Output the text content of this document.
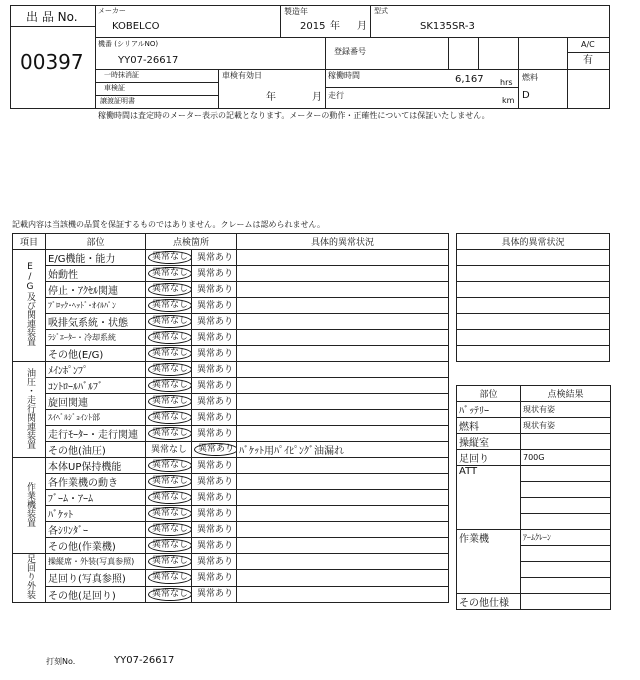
出 品 No.
00397
メーカー
KOBELCO
製造年
2015 年 月
型式
SK135SR-3
機番 (シリアルNO)
YY07-26617
登録番号
A/C
有
一時抹消証
車検証
譲渡証明書
車検有効日
年	月
稼働時間	6,167 hrs
走行
km
燃料
D
稼働時間は査定時のメーター表示の記載となります。メーターの動作・正確性については保証いたしません。
記載内容は当該機の品質を保証するものではありません。クレームは認められません。
項目	部位	点検箇所		具体的異常状況
E/G及び関連装置	E/G機能・能力	異常なし	異常あり	
	始動性	異常なし	異常あり	
	停止・ｱｸｾﾙ関連	異常なし	異常あり	
	ﾌﾞﾛｯｸ･ﾍｯﾄﾞ･ｵｲﾙﾊﾟﾝ	異常なし	異常あり	
	吸排気系統・状態	異常なし	異常あり	
	ﾗｼﾞｴｰﾀｰ・冷却系統	異常なし	異常あり	
	その他(E/G)	異常なし	異常あり	
油圧・走行関連装置	ﾒｲﾝﾎﾟﾝﾌﾟ	異常なし	異常あり	
	ｺﾝﾄﾛｰﾙﾊﾞﾙﾌﾞ	異常なし	異常あり	
	旋回関連	異常なし	異常あり	
	ｽｲﾍﾞﾙｼﾞｮｲﾝﾄ部	異常なし	異常あり	
	走行ﾓｰﾀｰ・走行関連	異常なし	異常あり	
	その他(油圧)	異常なし	異常あり	ﾊﾞｹｯﾄ用ﾊﾟｲﾋﾟﾝｸﾞ油漏れ
作業機装置	本体UP保持機能	異常なし	異常あり	
	各作業機の動き	異常なし	異常あり	
	ﾌﾞｰﾑ・ｱｰﾑ	異常なし	異常あり	
	ﾊﾞｹｯﾄ	異常なし	異常あり	
	各ｼﾘﾝﾀﾞｰ	異常なし	異常あり	
	その他(作業機)	異常なし	異常あり	
足回り外装	操縦席・外装(写真参照)	異常なし	異常あり	
	足回り(写真参照)	異常なし	異常あり	
	その他(足回り)	異常なし	異常あり	
具体的異常状況

部位	点検結果
ﾊﾞｯﾃﾘｰ	現状有姿
燃料	現状有姿
操縦室	
足回り	700G
ATT	

作業機	ｱｰﾑｸﾚｰﾝ

その他仕様	
打刻No.	YY07-26617
